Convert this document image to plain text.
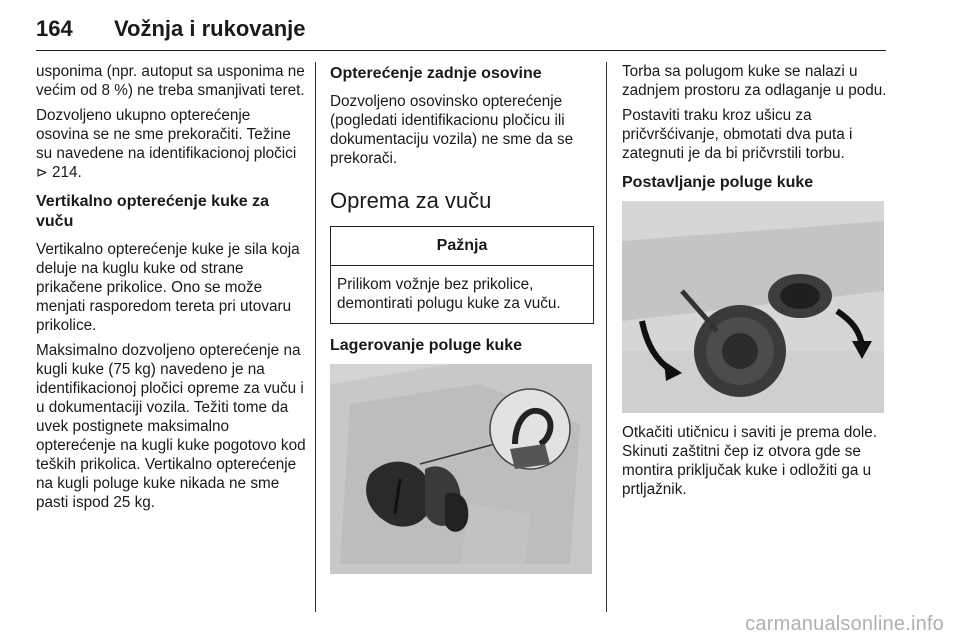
164 Vožnja i rukovanje

usponima (npr. autoput sa usponima ne većim od 8 %) ne treba smanjivati teret.

Dozvoljeno ukupno opterećenje osovina se ne sme prekoračiti. Težine su navedene na identifikacionoj pločici ⊳ 214.

Vertikalno opterećenje kuke za vuču

Vertikalno opterećenje kuke je sila koja deluje na kuglu kuke od strane prikačene prikolice. Ono se može menjati rasporedom tereta pri utovaru prikolice.

Maksimalno dozvoljeno opterećenje na kugli kuke (75 kg) navedeno je na identifikacionoj pločici opreme za vuču i u dokumentaciji vozila. Težiti tome da uvek postignete maksimalno opterećenje na kugli kuke pogotovo kod teških prikolica. Vertikalno opterećenje na kugli poluge kuke nikada ne sme pasti ispod 25 kg.

Opterećenje zadnje osovine

Dozvoljeno osovinsko opterećenje (pogledati identifikacionu pločicu ili dokumentaciju vozila) ne sme da se prekorači.

Oprema za vuču
Pažnja
Prilikom vožnje bez prikolice, demontirati polugu kuke za vuču.
Lagerovanje poluge kuke

Torba sa polugom kuke se nalazi u zadnjem prostoru za odlaganje u podu.

Postaviti traku kroz ušicu za pričvršćivanje, obmotati dva puta i zategnuti je da bi pričvrstili torbu.

Postavljanje poluge kuke

Otkačiti utičnicu i saviti je prema dole. Skinuti zaštitni čep iz otvora gde se montira priključak kuke i odložiti ga u prtljažnik.

carmanualsonline.info
